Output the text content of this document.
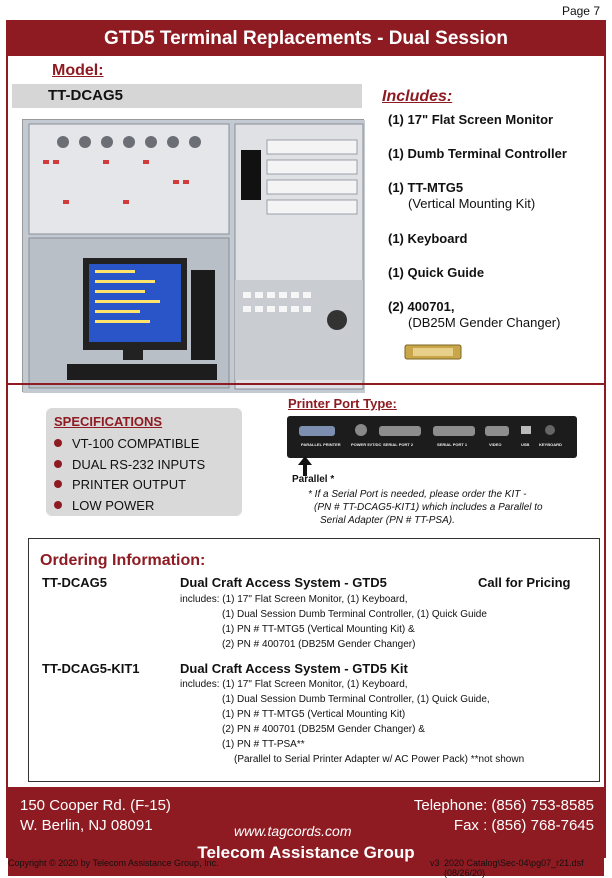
Page 7
GTD5 Terminal Replacements - Dual Session
Model:
TT-DCAG5	Includes:
(1) 17" Flat Screen Monitor
(1) Dumb Terminal Controller
(1) TT-MTG5
(Vertical Mounting Kit)
(1) Keyboard
(1) Quick Guide
(2) 400701,
(DB25M Gender Changer)
SPECIFICATIONS
VT-100 COMPATIBLE
DUAL RS-232 INPUTS
PRINTER OUTPUT
LOW POWER
Printer Port Type:
PARALLEL PRINTER	POWER 5VT/DC SERIAL PORT 2	SERIAL PORT 1	VIDEO	USB KEYBOARD
Parallel *
* If a Serial Port is needed, please order the KIT -
(PN # TT-DCAG5-KIT1) which includes a Parallel to
Serial Adapter (PN # TT-PSA).
Ordering Information:
TT-DCAG5	Dual Craft Access System - GTD5	Call for Pricing
includes: (1) 17" Flat Screen Monitor, (1) Keyboard,
(1) Dual Session Dumb Terminal Controller, (1) Quick Guide
(1) PN # TT-MTG5 (Vertical Mounting Kit) &
(2) PN # 400701 (DB25M Gender Changer)
TT-DCAG5-KIT1	Dual Craft Access System - GTD5 Kit
includes: (1) 17" Flat Screen Monitor, (1) Keyboard,
(1) Dual Session Dumb Terminal Controller, (1) Quick Guide,
(1) PN # TT-MTG5 (Vertical Mounting Kit)
(2) PN # 400701 (DB25M Gender Changer) &
(1) PN # TT-PSA**
(Parallel to Serial Printer Adapter w/ AC Power Pack) **not shown
150 Cooper Rd. (F-15)
W. Berlin, NJ 08091	www.tagcords.com
Telephone: (856) 753-8585
Fax : (856) 768-7645
Telecom Assistance Group
Copyright © 2020 by Telecom Assistance Group, Inc.	v3 2020 Catalog\Sec-04\pg07_r21.dsf (08/26/20)
